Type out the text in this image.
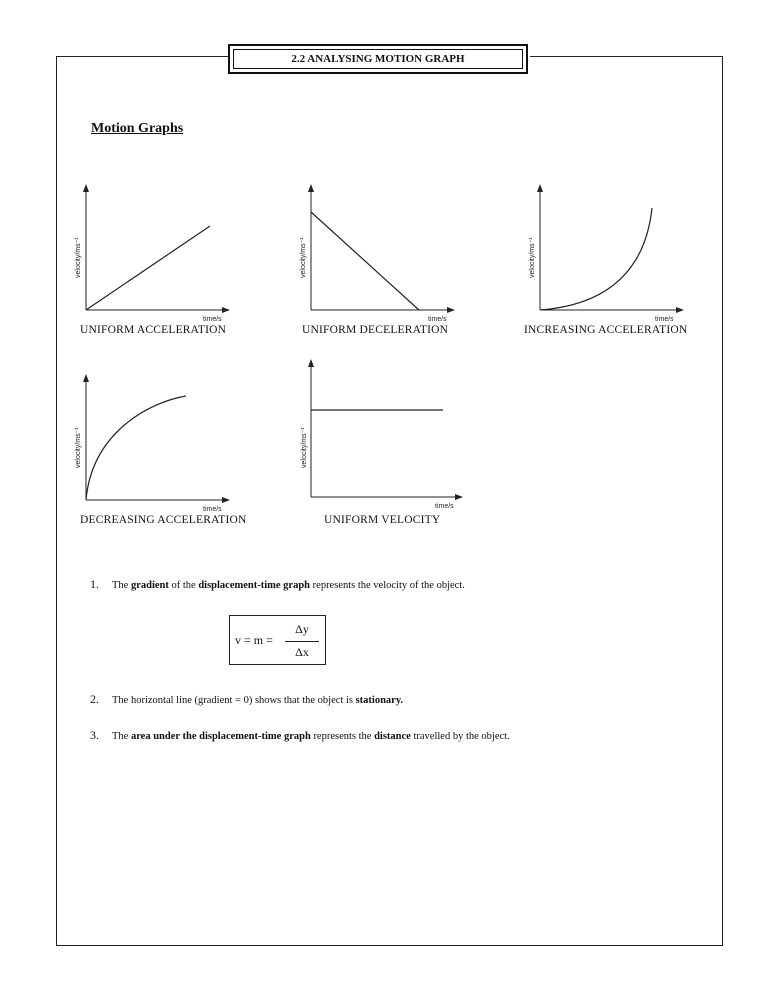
2.2 ANALYSING MOTION GRAPH
Motion Graphs
velocity/ms⁻¹
time/s
UNIFORM ACCELERATION
velocity/ms⁻¹
time/s
UNIFORM DECELERATION
velocity/ms⁻¹
time/s
INCREASING ACCELERATION
velocity/ms⁻¹
time/s
DECREASING ACCELERATION
velocity/ms⁻¹
time/s
UNIFORM VELOCITY
1. The gradient of the displacement-time graph represents the velocity of the object.
v = m =
Δy
Δx
2. The horizontal line (gradient = 0) shows that the object is stationary.
3. The area under the displacement-time graph represents the distance travelled by the object.
